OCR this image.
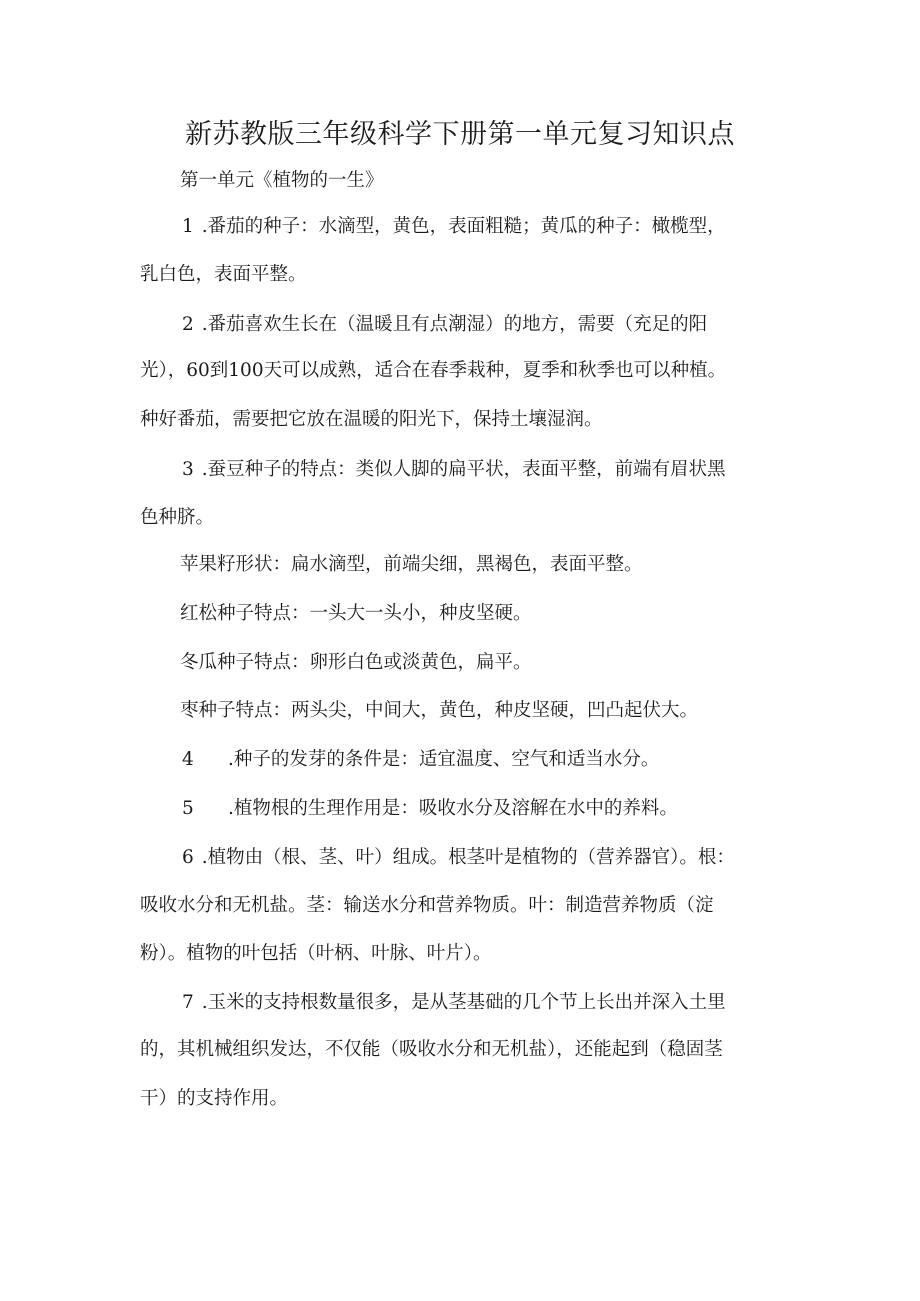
新苏教版三年级科学下册第一单元复习知识点
第一单元《植物的一生》
1 .番茄的种子：水滴型，黄色，表面粗糙；黄瓜的种子：橄榄型，
乳白色，表面平整。
2 .番茄喜欢生长在（温暖且有点潮湿）的地方，需要（充足的阳
光），60到100天可以成熟，适合在春季栽种，夏季和秋季也可以种植。
种好番茄，需要把它放在温暖的阳光下，保持土壤湿润。
3 .蚕豆种子的特点：类似人脚的扁平状，表面平整，前端有眉状黑
色种脐。
苹果籽形状：扁水滴型，前端尖细，黑褐色，表面平整。
红松种子特点：一头大一头小，种皮坚硬。
冬瓜种子特点：卵形白色或淡黄色，扁平。
枣种子特点：两头尖，中间大，黄色，种皮坚硬，凹凸起伏大。
4 .种子的发芽的条件是：适宜温度、空气和适当水分。
5 .植物根的生理作用是：吸收水分及溶解在水中的养料。
6 .植物由（根、茎、叶）组成。根茎叶是植物的（营养器官）。根：
吸收水分和无机盐。茎：输送水分和营养物质。叶：制造营养物质（淀
粉）。植物的叶包括（叶柄、叶脉、叶片）。
7 .玉米的支持根数量很多，是从茎基础的几个节上长出并深入土里
的，其机械组织发达，不仅能（吸收水分和无机盐），还能起到（稳固茎
干）的支持作用。
